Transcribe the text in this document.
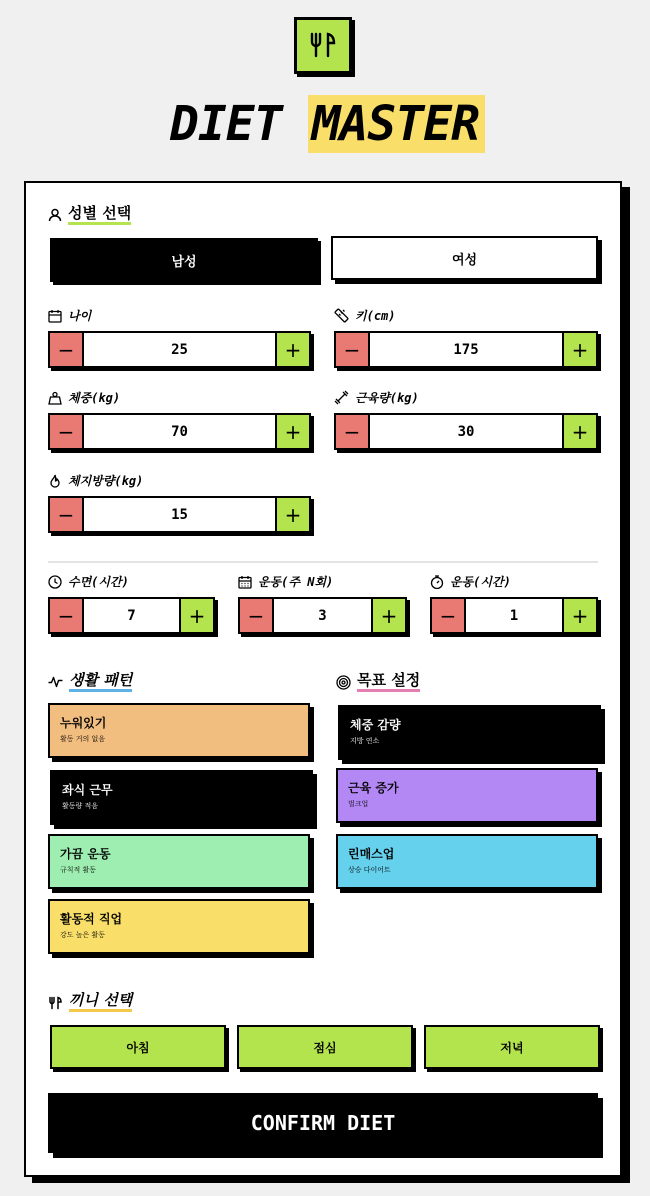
DIET MASTER
성별 선택
남성	여성
나이
−	25	+
키(cm)
−	175	+
체중(kg)
−	70	+
근육량(kg)
−	30	+
체지방량(kg)
−	15	+
수면(시간)
−	7	+
운동(주 N회)
−	3	+
운동(시간)
−	1	+
생활 패턴
누워있기
활동 거의 없음
좌식 근무
활동량 적음
가끔 운동
규칙적 활동
활동적 직업
강도 높은 활동
목표 설정
체중 감량
지방 연소
근육 증가
벌크업
린매스업
상승 다이어트
끼니 선택
아침	점심	저녁
CONFIRM DIET
